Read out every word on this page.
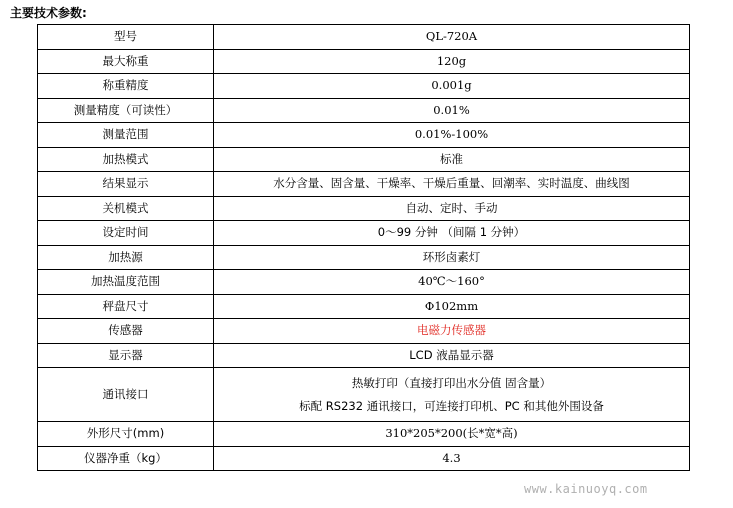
主要技术参数:
型号	QL-720A
最大称重	120g
称重精度	0.001g
测量精度（可读性）	0.01%
测量范围	0.01%-100%
加热模式	标准
结果显示	水分含量、固含量、干燥率、干燥后重量、回潮率、实时温度、曲线图
关机模式	自动、定时、手动
设定时间	0～99 分钟 （间隔 1 分钟）
加热源	环形卤素灯
加热温度范围	40℃～160°
秤盘尺寸	Φ102mm
传感器	电磁力传感器
显示器	LCD 液晶显示器
通讯接口	热敏打印（直接打印出水分值 固含量）
标配 RS232 通讯接口，可连接打印机、PC 和其他外围设备

外形尺寸(mm)	310*205*200(长*宽*高)
仪器净重（kg）	4.3
www.kainuoyq.com
